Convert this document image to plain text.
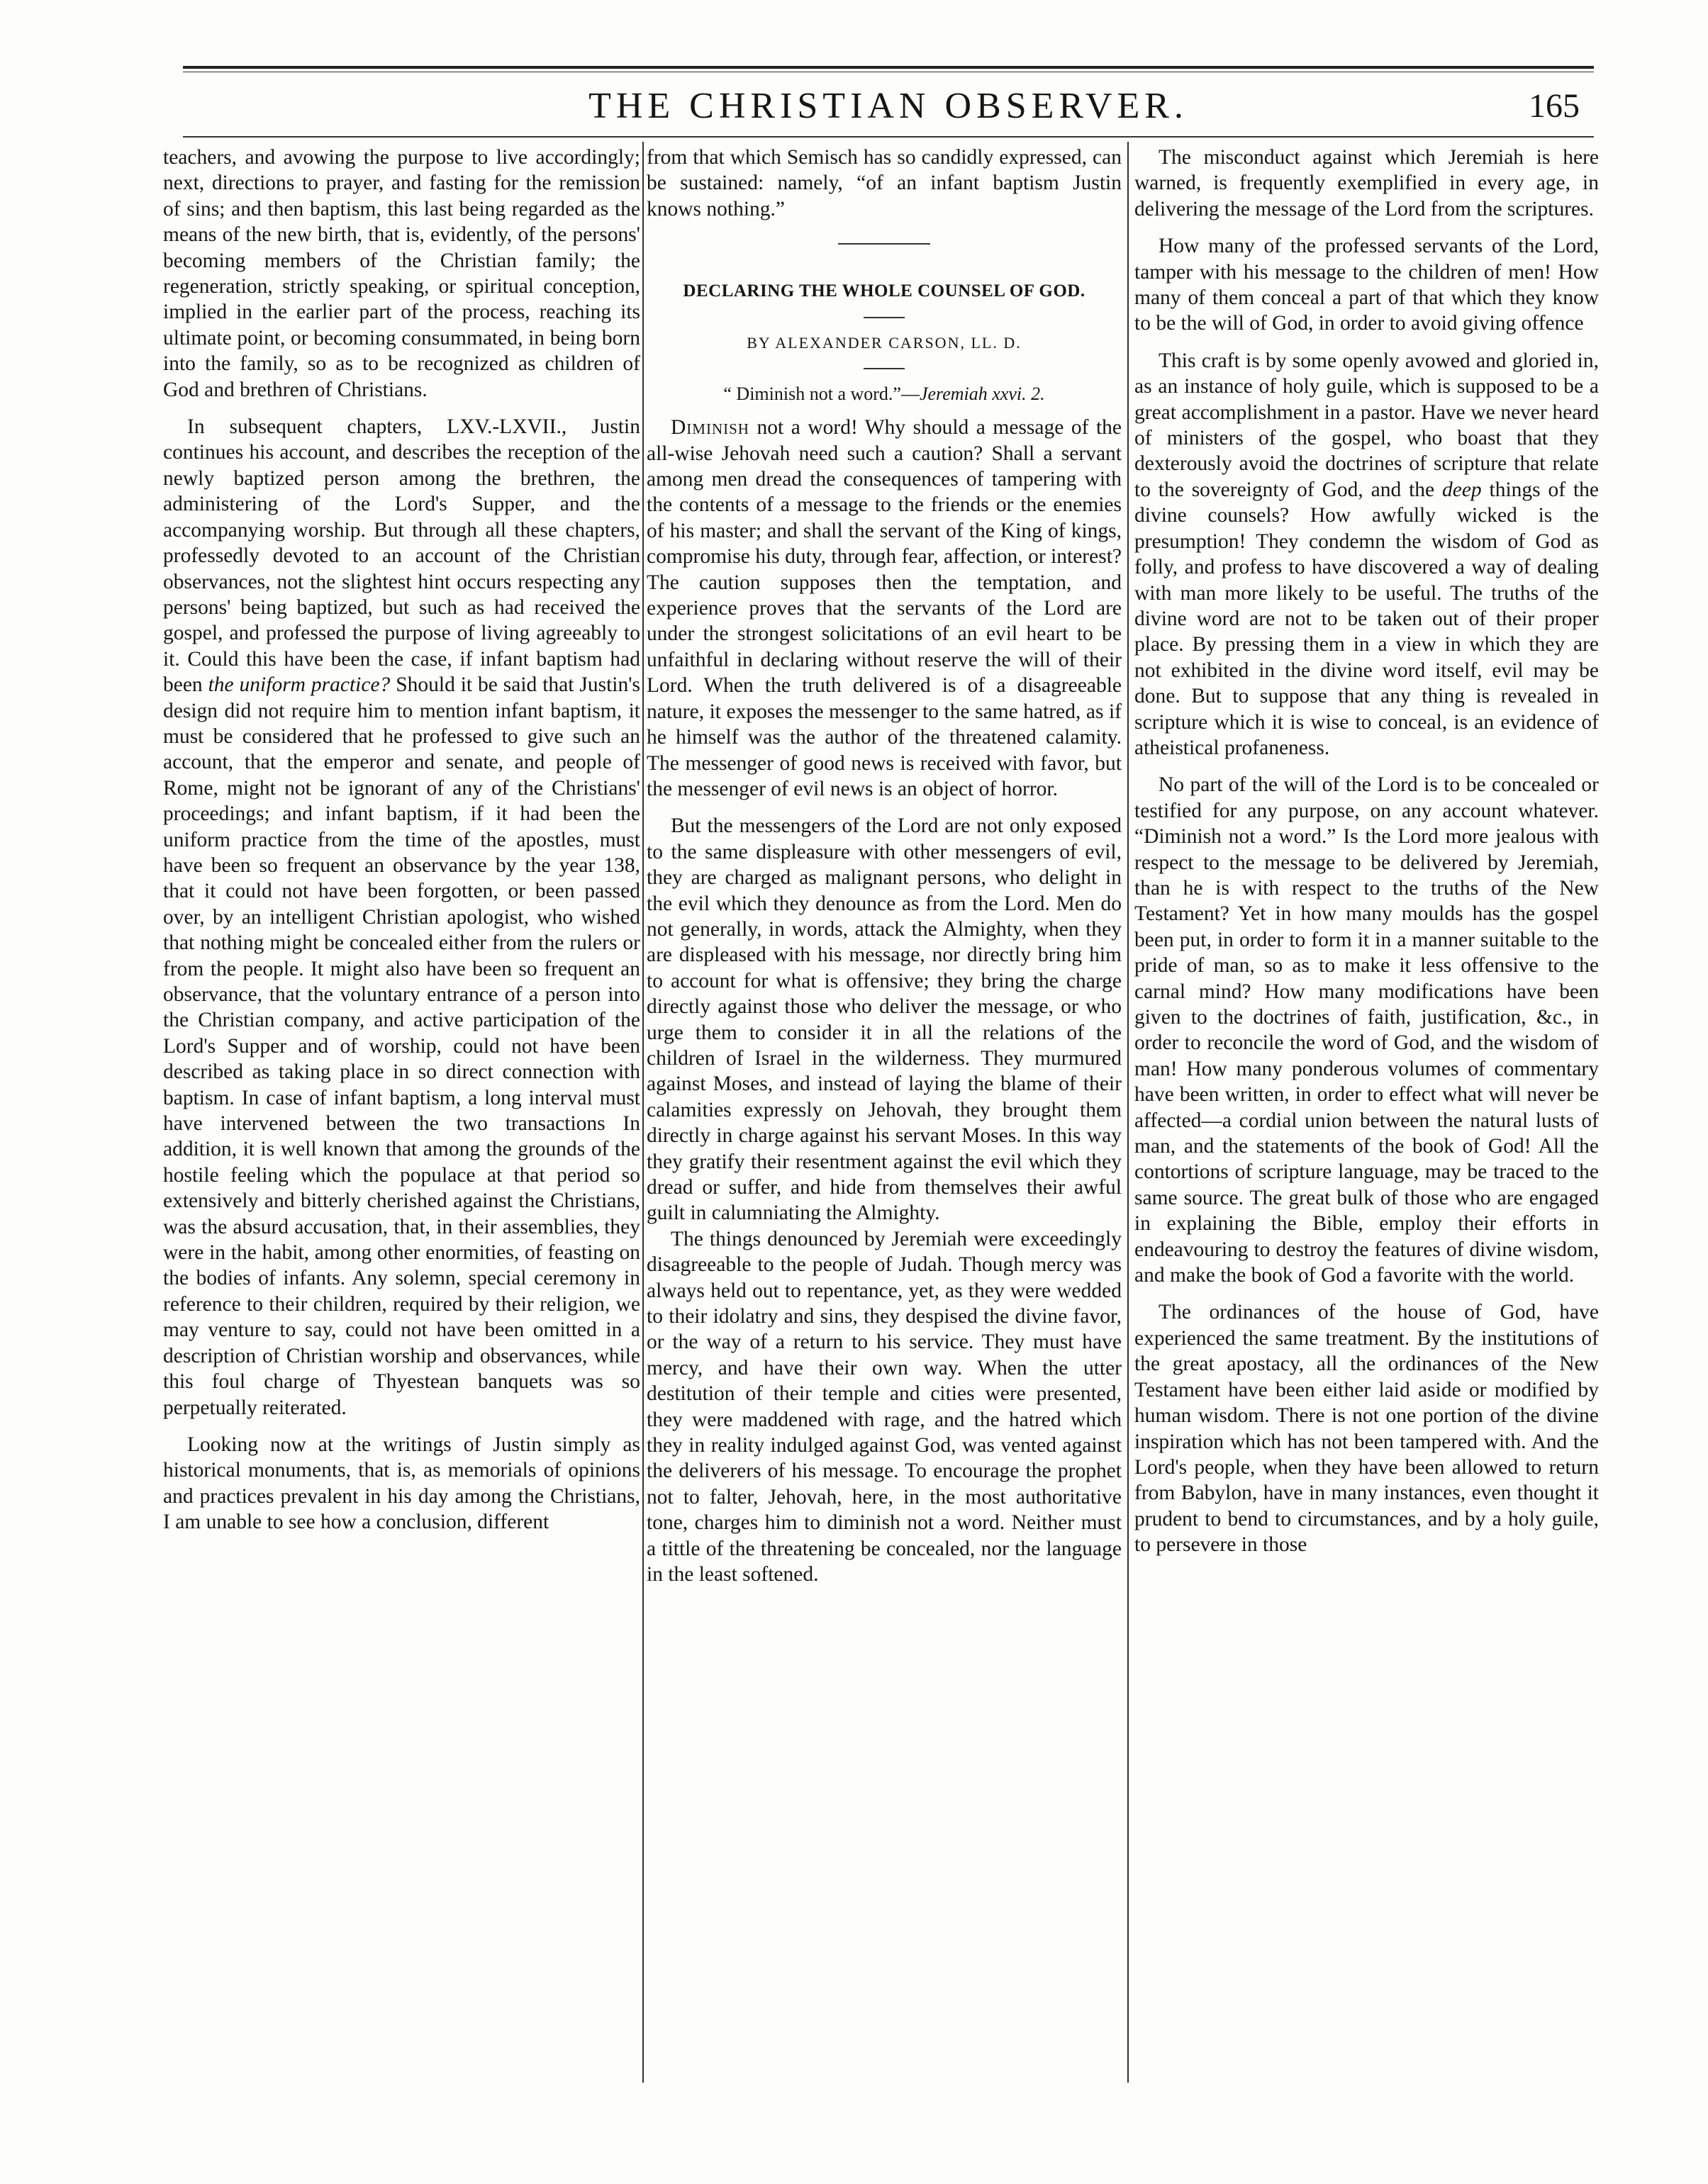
THE CHRISTIAN OBSERVER.	165

teachers, and avowing the purpose to live accordingly; next, directions to prayer, and fasting for the remission of sins; and then baptism, this last being regarded as the means of the new birth, that is, evidently, of the persons' becoming members of the Christian family; the regeneration, strictly speaking, or spiritual conception, implied in the earlier part of the process, reaching its ultimate point, or becoming consummated, in being born into the family, so as to be recognized as children of God and brethren of Christians.

In subsequent chapters, LXV.-LXVII., Justin continues his account, and describes the reception of the newly baptized person among the brethren, the administering of the Lord's Supper, and the accompanying worship. But through all these chapters, professedly devoted to an account of the Christian observances, not the slightest hint occurs respecting any persons' being baptized, but such as had received the gospel, and professed the purpose of living agreeably to it. Could this have been the case, if infant baptism had been the uniform practice? Should it be said that Justin's design did not require him to mention infant baptism, it must be considered that he professed to give such an account, that the emperor and senate, and people of Rome, might not be ignorant of any of the Christians' proceedings; and infant baptism, if it had been the uniform practice from the time of the apostles, must have been so frequent an observance by the year 138, that it could not have been forgotten, or been passed over, by an intelligent Christian apologist, who wished that nothing might be concealed either from the rulers or from the people. It might also have been so frequent an observance, that the voluntary entrance of a person into the Christian company, and active participation of the Lord's Supper and of worship, could not have been described as taking place in so direct connection with baptism. In case of infant baptism, a long interval must have intervened between the two transactions In addition, it is well known that among the grounds of the hostile feeling which the populace at that period so extensively and bitterly cherished against the Christians, was the absurd accusation, that, in their assemblies, they were in the habit, among other enormities, of feasting on the bodies of infants. Any solemn, special ceremony in reference to their children, required by their religion, we may venture to say, could not have been omitted in a description of Christian worship and observances, while this foul charge of Thyestean banquets was so perpetually reiterated.

Looking now at the writings of Justin simply as historical monuments, that is, as memorials of opinions and practices prevalent in his day among the Christians, I am unable to see how a conclusion, different

from that which Semisch has so candidly expressed, can be sustained: namely, “of an infant baptism Justin knows nothing.”

DECLARING THE WHOLE COUNSEL OF GOD.
BY ALEXANDER CARSON, LL. D.
“ Diminish not a word.”—Jeremiah xxvi. 2.

Diminish not a word! Why should a message of the all-wise Jehovah need such a caution? Shall a servant among men dread the consequences of tampering with the contents of a message to the friends or the enemies of his master; and shall the servant of the King of kings, compromise his duty, through fear, affection, or interest? The caution supposes then the temptation, and experience proves that the servants of the Lord are under the strongest solicitations of an evil heart to be unfaithful in declaring without reserve the will of their Lord. When the truth delivered is of a disagreeable nature, it exposes the messenger to the same hatred, as if he himself was the author of the threatened calamity. The messenger of good news is received with favor, but the messenger of evil news is an object of horror.

But the messengers of the Lord are not only exposed to the same displeasure with other messengers of evil, they are charged as malignant persons, who delight in the evil which they denounce as from the Lord. Men do not generally, in words, attack the Almighty, when they are displeased with his message, nor directly bring him to account for what is offensive; they bring the charge directly against those who deliver the message, or who urge them to consider it in all the relations of the children of Israel in the wilderness. They murmured against Moses, and instead of laying the blame of their calamities expressly on Jehovah, they brought them directly in charge against his servant Moses. In this way they gratify their resentment against the evil which they dread or suffer, and hide from themselves their awful guilt in calumniating the Almighty.

The things denounced by Jeremiah were exceedingly disagreeable to the people of Judah. Though mercy was always held out to repentance, yet, as they were wedded to their idolatry and sins, they despised the divine favor, or the way of a return to his service. They must have mercy, and have their own way. When the utter destitution of their temple and cities were presented, they were maddened with rage, and the hatred which they in reality indulged against God, was vented against the deliverers of his message. To encourage the prophet not to falter, Jehovah, here, in the most authoritative tone, charges him to diminish not a word. Neither must a tittle of the threatening be concealed, nor the language in the least softened.

The misconduct against which Jeremiah is here warned, is frequently exemplified in every age, in delivering the message of the Lord from the scriptures.

How many of the professed servants of the Lord, tamper with his message to the children of men! How many of them conceal a part of that which they know to be the will of God, in order to avoid giving offence

This craft is by some openly avowed and gloried in, as an instance of holy guile, which is supposed to be a great accomplishment in a pastor. Have we never heard of ministers of the gospel, who boast that they dexterously avoid the doctrines of scripture that relate to the sovereignty of God, and the deep things of the divine counsels? How awfully wicked is the presumption! They condemn the wisdom of God as folly, and profess to have discovered a way of dealing with man more likely to be useful. The truths of the divine word are not to be taken out of their proper place. By pressing them in a view in which they are not exhibited in the divine word itself, evil may be done. But to suppose that any thing is revealed in scripture which it is wise to conceal, is an evidence of atheistical profaneness.

No part of the will of the Lord is to be concealed or testified for any purpose, on any account whatever. “Diminish not a word.” Is the Lord more jealous with respect to the message to be delivered by Jeremiah, than he is with respect to the truths of the New Testament? Yet in how many moulds has the gospel been put, in order to form it in a manner suitable to the pride of man, so as to make it less offensive to the carnal mind? How many modifications have been given to the doctrines of faith, justification, &c., in order to reconcile the word of God, and the wisdom of man! How many ponderous volumes of commentary have been written, in order to effect what will never be affected—a cordial union between the natural lusts of man, and the statements of the book of God! All the contortions of scripture language, may be traced to the same source. The great bulk of those who are engaged in explaining the Bible, employ their efforts in endeavouring to destroy the features of divine wisdom, and make the book of God a favorite with the world.

The ordinances of the house of God, have experienced the same treatment. By the institutions of the great apostacy, all the ordinances of the New Testament have been either laid aside or modified by human wisdom. There is not one portion of the divine inspiration which has not been tampered with. And the Lord's people, when they have been allowed to return from Babylon, have in many instances, even thought it prudent to bend to circumstances, and by a holy guile, to persevere in those
